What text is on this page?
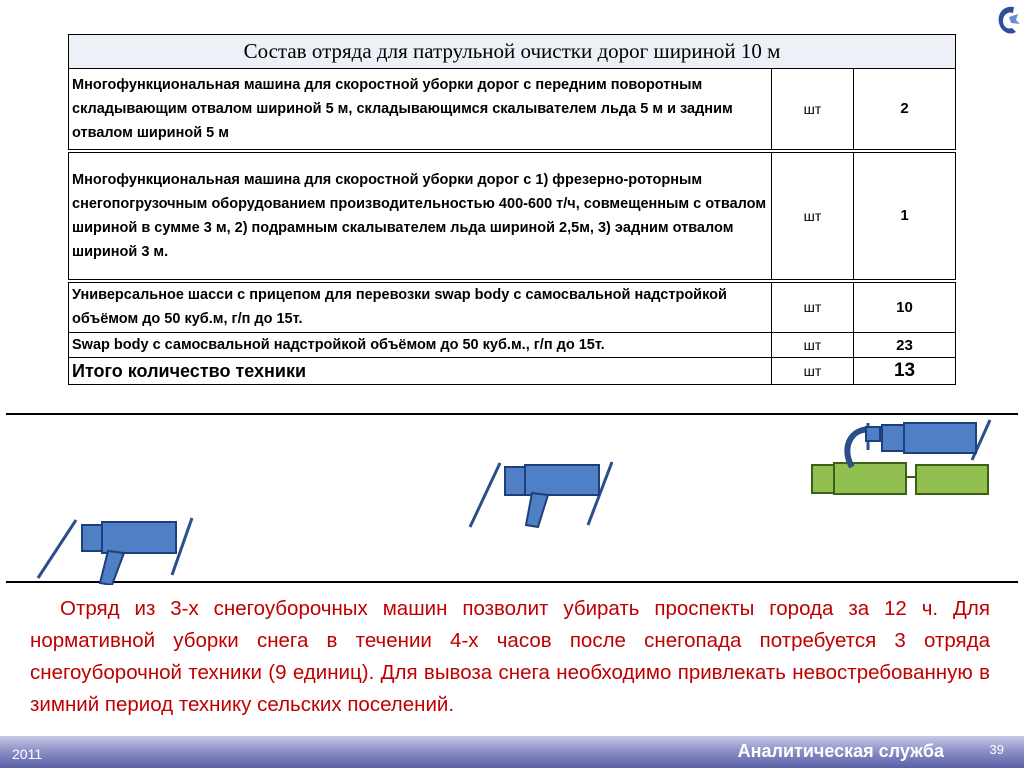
Состав отряда для патрульной очистки дорог шириной 10 м		
Многофункциональная машина для скоростной уборки дорог с передним поворотным складывающим отвалом шириной 5 м, складывающимся скалывателем льда 5 м и задним отвалом шириной 5 м	шт	2
Многофункциональная машина для скоростной уборки дорог с 1) фрезерно-роторным снегопогрузочным оборудованием производительностью 400-600 т/ч, совмещенным с отвалом шириной в сумме 3 м, 2) подрамным скалывателем льда шириной 2,5м, 3) эадним отвалом шириной 3 м.	шт	1
Универсальное шасси с прицепом для перевозки swap body с самосвальной надстройкой объёмом до 50 куб.м, г/п до 15т.	шт	10
Swap body с самосвальной надстройкой объёмом до 50 куб.м., г/п до 15т.	шт	23
Итого количество техники	шт	13

Отряд из 3-х снегоуборочных машин позволит убирать проспекты города за 12 ч. Для нормативной уборки снега в течении 4-х часов после снегопада потребуется 3 отряда снегоуборочной техники (9 единиц). Для вывоза снега необходимо привлекать невостребованную в зимний период технику сельских поселений.

2011	Аналитическая служба	39
